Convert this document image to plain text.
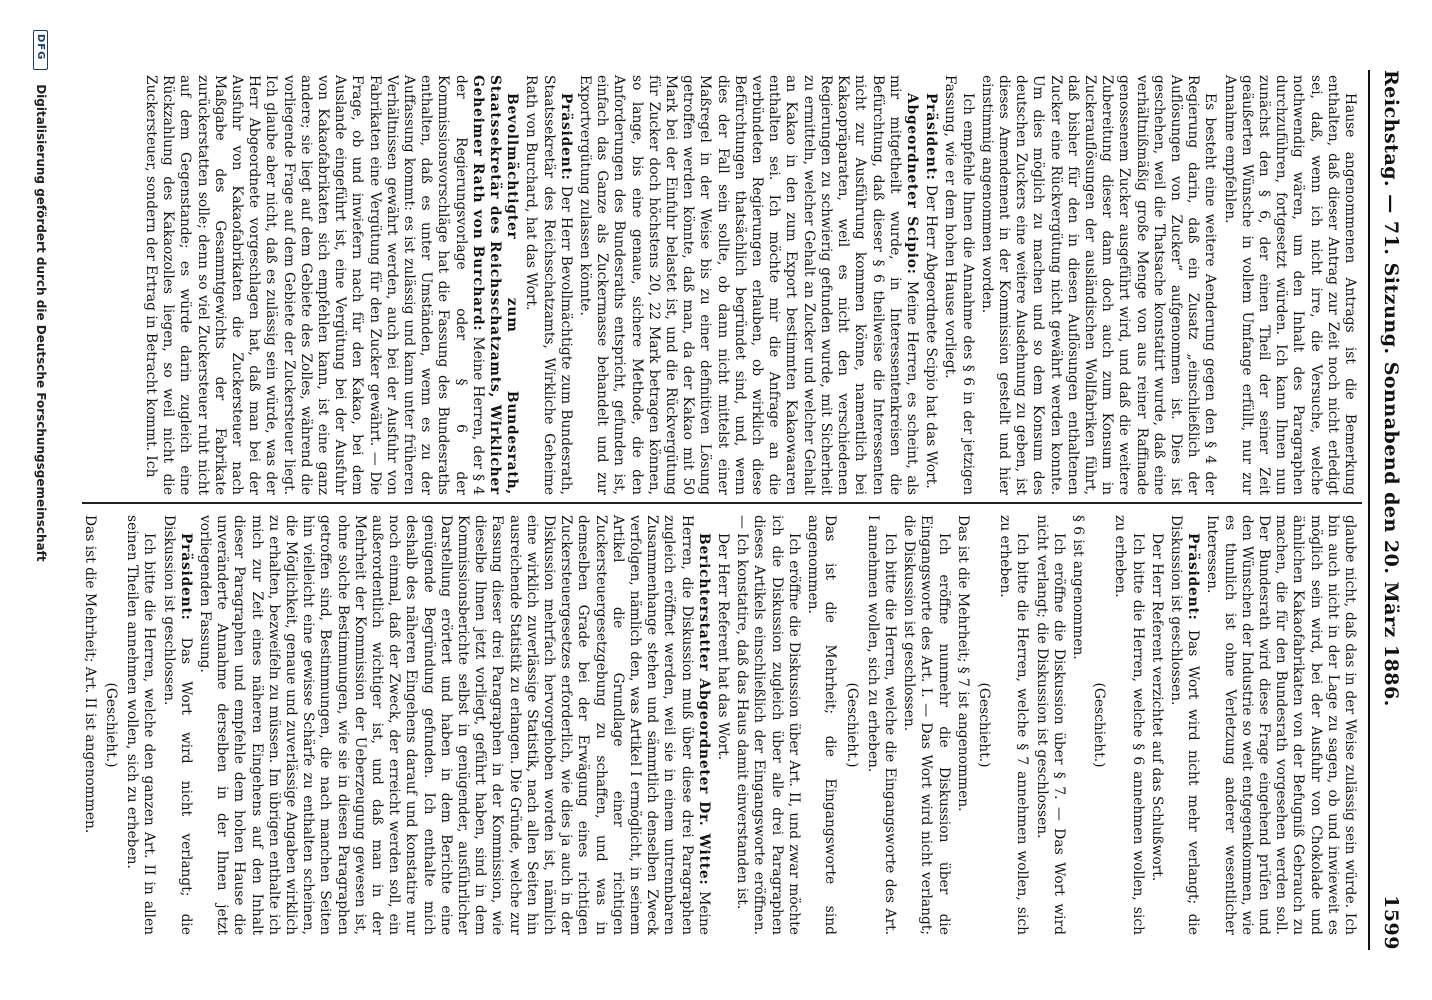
Reichstag. — 71. Sitzung. Sonnabend den 20. März 1886.
1599

Hause angenommenen Antrags ist die Bemerkung enthalten, daß dieser Antrag zur Zeit noch nicht erledigt sei, daß, wenn ich nicht irre, die Versuche, welche nothwendig wären, um den Inhalt des Paragraphen durchzuführen, fortgesetzt würden. Ich kann Ihnen nun zunächst den § 6, der einen Theil der seiner Zeit geäußerten Wünsche in vollem Umfange erfüllt, nur zur Annahme empfehlen.

Es besteht eine weitere Aenderung gegen den § 4 der Regierung darin, daß ein Zusatz „einschließlich der Auflösungen von Zucker“ aufgenommen ist. Dies ist geschehen, weil die Thatsache konstatirt wurde, daß eine verhältnißmäßig große Menge von aus reiner Raffinade genossenem Zucker ausgeführt wird, und daß die weitere Zubereitung dieser dann doch auch zum Konsum in Zuckerauflösungen der ausländischen Wollfabriken führt, daß bisher für den in diesen Auflösungen enthaltenen Zucker eine Rückvergütung nicht gewährt werden konnte. Um dies möglich zu machen und so dem Konsum des deutschen Zuckers eine weitere Ausdehnung zu geben, ist dieses Amendement in der Kommission gestellt und hier einstimmig angenommen worden.

Ich empfehle Ihnen die Annahme des § 6 in der jetzigen Fassung, wie er dem hohen Hause vorliegt.

Präsident: Der Herr Abgeordnete Scipio hat das Wort.

Abgeordneter Scipio: Meine Herren, es scheint, als mir mitgetheilt wurde, in Interessentenkreisen die Befürchtung, daß dieser § 6 theilweise die Interessenten nicht zur Ausführung kommen könne, namentlich bei Kakaopräparaten, weil es nicht den verschiedenen Regierungen zu schwierig gefunden wurde, mit Sicherheit zu ermitteln, welcher Gehalt an Zucker und welcher Gehalt an Kakao in den zum Export bestimmten Kakaowaaren enthalten sei. Ich möchte mir die Anfrage an die verbündeten Regierungen erlauben, ob wirklich diese Befürchtungen thatsächlich begründet sind, und, wenn dies der Fall sein sollte, ob dann nicht mittelst einer Maßregel in der Weise bis zu einer definitiven Lösung getroffen werden könnte, daß man, da der Kakao mit 50 Mark bei der Einfuhr belastet ist, und die Rückvergütung für Zucker doch höchstens 20, 22 Mark betragen können, so lange, bis eine genaue, sichere Methode, die den Anforderungen des Bundesraths entspricht, gefunden ist, einfach das Ganze als Zuckermasse behandelt und zur Exportvergütung zulassen könnte.

Präsident: Der Herr Bevollmächtigte zum Bundesrath, Staatssekretär des Reichsschatzamts, Wirkliche Geheime Rath von Burchard, hat das Wort.

Bevollmächtigter zum Bundesrath, Staatssekretär des Reichsschatzamts, Wirklicher Geheimer Rath von Burchard: Meine Herren, der § 4 der Regierungsvorlage oder § 6 der Kommissionsvorschläge hat die Fassung des Bundesraths enthalten, daß es unter Umständen, wenn es zu der Auffassung kommt: es ist zulässig und kann unter früheren Verhältnissen gewährt werden, auch bei der Ausfuhr von Fabrikaten eine Vergütung für den Zucker gewährt. — Die Frage, ob und inwiefern nach für den Kakao, bei dem Auslande eingeführt ist, eine Vergütung bei der Ausfuhr von Kakaofabrikaten sich empfehlen kann, ist eine ganz andere; sie liegt auf dem Gebiete des Zolles, während die vorliegende Frage auf dem Gebiete der Zuckersteuer liegt. Ich glaube aber nicht, daß es zulässig sein würde, was der Herr Abgeordnete vorgeschlagen hat, daß man bei der Ausfuhr von Kakaofabrikaten die Zuckersteuer nach Maßgabe des Gesammtgewichts der Fabrikate zurückerstatten solle; denn so viel Zuckersteuer ruht nicht auf dem Gegenstande; es würde darin zugleich eine Rückzahlung des Kakaozolles liegen, so weil nicht die Zuckersteuer, sondern der Ertrag in Betracht kommt. Ich

glaube nicht, daß das in der Weise zulässig sein würde. Ich bin auch nicht in der Lage zu sagen, ob und inwieweit es möglich sein wird, bei der Ausfuhr von Chokolade und ähnlichen Kakaofabrikaten von der Befugniß Gebrauch zu machen, die für den Bundesrath vorgesehen werden soll. Der Bundesrath wird diese Frage eingehend prüfen und den Wünschen der Industrie so weit entgegenkommen, wie es thunlich ist ohne Verletzung anderer wesentlicher Interessen.

Präsident: Das Wort wird nicht mehr verlangt; die Diskussion ist geschlossen.

Der Herr Referent verzichtet auf das Schlußwort.

Ich bitte die Herren, welche § 6 annehmen wollen, sich zu erheben.

(Geschieht.)

§ 6 ist angenommen.

Ich eröffne die Diskussion über § 7. — Das Wort wird nicht verlangt; die Diskussion ist geschlossen.

Ich bitte die Herren, welche § 7 annehmen wollen, sich zu erheben.

(Geschieht.)

Das ist die Mehrheit; § 7 ist angenommen.

Ich eröffne nunmehr die Diskussion über die Eingangsworte des Art. I. — Das Wort wird nicht verlangt; die Diskussion ist geschlossen.

Ich bitte die Herren, welche die Eingangsworte des Art. I annehmen wollen, sich zu erheben.

(Geschieht.)

Das ist die Mehrheit; die Eingangsworte sind angenommen.

Ich eröffne die Diskussion über Art. II, und zwar möchte ich die Diskussion zugleich über alle drei Paragraphen dieses Artikels einschließlich der Eingangsworte eröffnen. — Ich konstatire, daß das Haus damit einverstanden ist.

Der Herr Referent hat das Wort.

Berichterstatter Abgeordneter Dr. Witte: Meine Herren, die Diskussion muß über diese drei Paragraphen zugleich eröffnet werden, weil sie in einem untrennbaren Zusammenhange stehen und sämmtlich denselben Zweck verfolgen, nämlich den, was Artikel I ermöglicht, in seinem Artikel die Grundlage einer richtigen Zuckersteuergesetzgebung zu schaffen, und was in demselben Grade bei der Erwägung eines richtigen Zuckersteuergesetzes erforderlich, wie dies ja auch in der Diskussion mehrfach hervorgehoben worden ist, nämlich eine wirklich zuverlässige Statistik, nach allen Seiten hin ausreichende Statistik zu erlangen. Die Gründe, welche zur Fassung dieser drei Paragraphen in der Kommission, wie dieselbe Ihnen jetzt vorliegt, geführt haben, sind in dem Kommissionsberichte selbst in genügender, ausführlicher Darstellung erörtert und haben in dem Berichte eine genügende Begründung gefunden. Ich enthalte mich deshalb des näheren Eingehens darauf und konstatire nur noch einmal, daß der Zweck, der erreicht werden soll, ein außerordentlich wichtiger ist, und daß man in der Mehrheit der Kommission der Ueberzeugung gewesen ist, ohne solche Bestimmungen, wie sie in diesen Paragraphen getroffen sind, Bestimmungen, die nach manchen Seiten hin vielleicht eine gewisse Schärfe zu enthalten scheinen, die Möglichkeit, genaue und zuverlässige Angaben wirklich zu erhalten, bezweifeln zu müssen. Im übrigen enthalte ich mich zur Zeit eines näheren Eingehens auf den Inhalt dieser Paragraphen und empfehle dem hohen Hause die unveränderte Annahme derselben in der Ihnen jetzt vorliegenden Fassung.

Präsident: Das Wort wird nicht verlangt; die Diskussion ist geschlossen.

Ich bitte die Herren, welche den ganzen Art. II in allen seinen Theilen annehmen wollen, sich zu erheben.

(Geschieht.)

Das ist die Mehrheit; Art. II ist angenommen.

DFG
Digitalisierung gefördert durch die Deutsche Forschungsgemeinschaft
